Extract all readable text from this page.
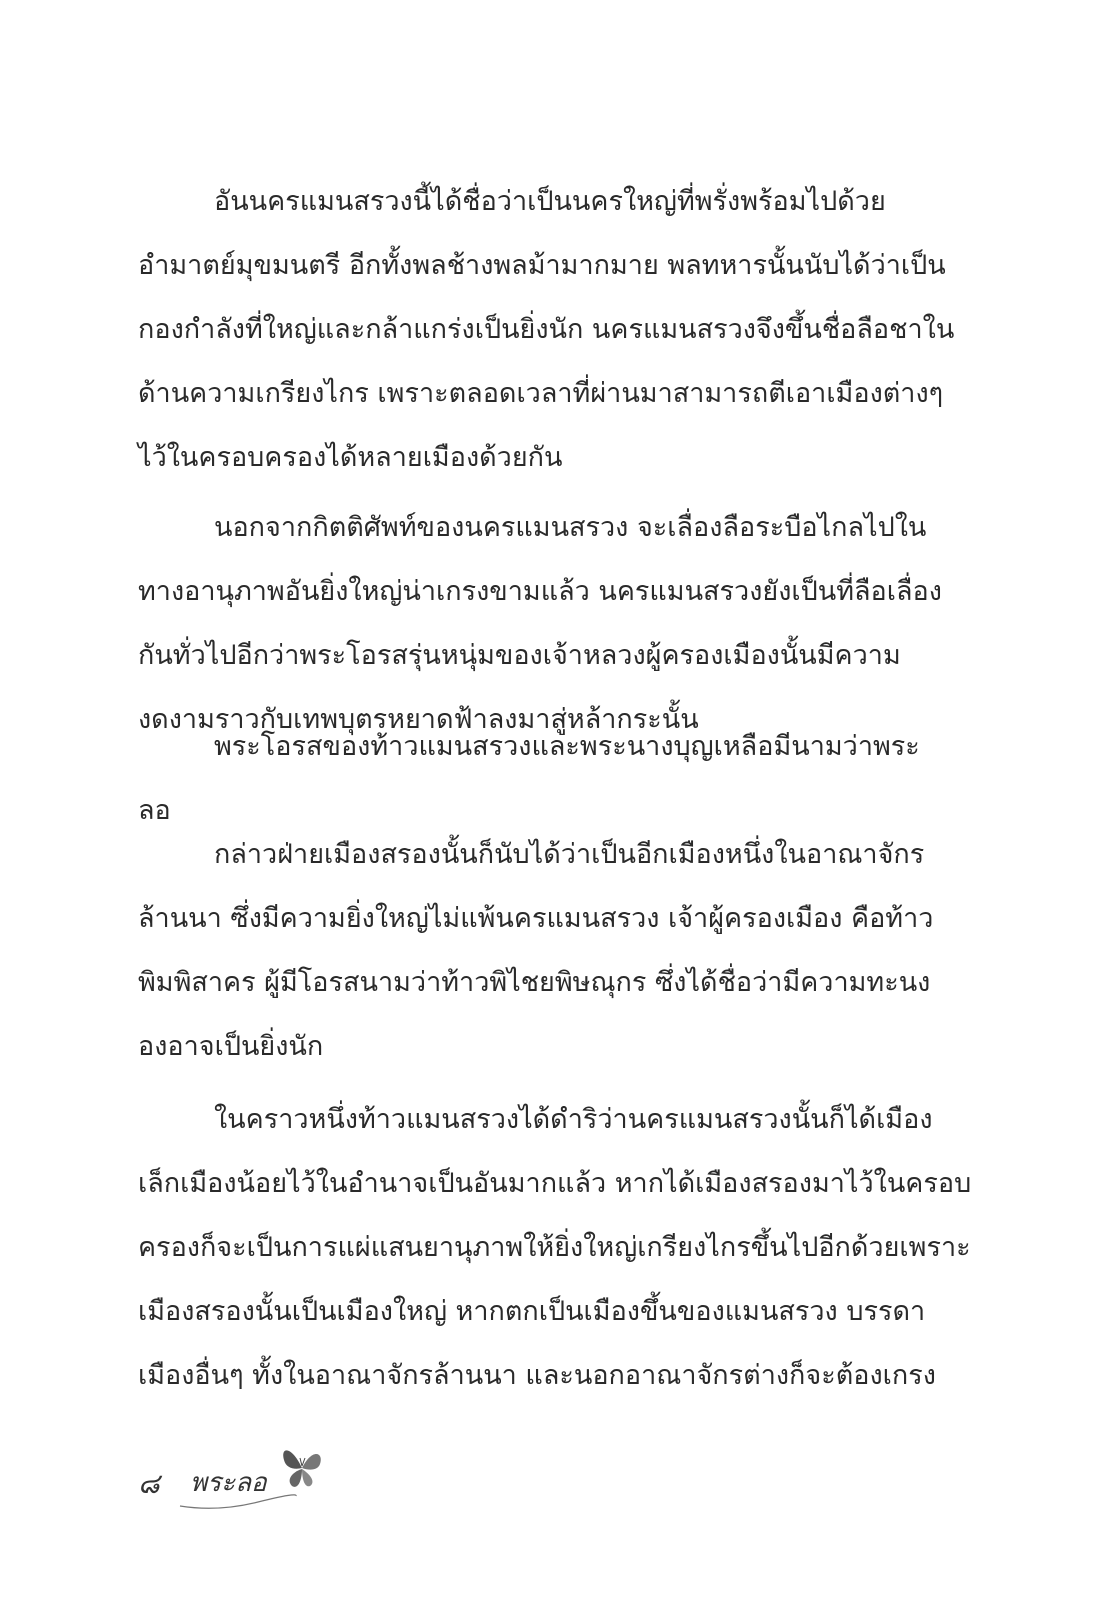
อันนครแมนสรวงนี้ได้ชื่อว่าเป็นนครใหญ่ที่พรั่งพร้อมไปด้วย
อำมาตย์มุขมนตรี อีกทั้งพลช้างพลม้ามากมาย พลทหารนั้นนับได้ว่าเป็น
กองกำลังที่ใหญ่และกล้าแกร่งเป็นยิ่งนัก นครแมนสรวงจึงขึ้นชื่อลือชาใน
ด้านความเกรียงไกร เพราะตลอดเวลาที่ผ่านมาสามารถตีเอาเมืองต่างๆ
ไว้ในครอบครองได้หลายเมืองด้วยกัน
นอกจากกิตติศัพท์ของนครแมนสรวง จะเลื่องลือระบือไกลไปใน
ทางอานุภาพอันยิ่งใหญ่น่าเกรงขามแล้ว นครแมนสรวงยังเป็นที่ลือเลื่อง
กันทั่วไปอีกว่าพระโอรสรุ่นหนุ่มของเจ้าหลวงผู้ครองเมืองนั้นมีความ
งดงามราวกับเทพบุตรหยาดฟ้าลงมาสู่หล้ากระนั้น
พระโอรสของท้าวแมนสรวงและพระนางบุญเหลือมีนามว่าพระ
ลอ
กล่าวฝ่ายเมืองสรองนั้นก็นับได้ว่าเป็นอีกเมืองหนึ่งในอาณาจักร
ล้านนา ซึ่งมีความยิ่งใหญ่ไม่แพ้นครแมนสรวง เจ้าผู้ครองเมือง คือท้าว
พิมพิสาคร ผู้มีโอรสนามว่าท้าวพิไชยพิษณุกร ซึ่งได้ชื่อว่ามีความทะนง
องอาจเป็นยิ่งนัก
ในคราวหนึ่งท้าวแมนสรวงได้ดำริว่านครแมนสรวงนั้นก็ได้เมือง
เล็กเมืองน้อยไว้ในอำนาจเป็นอันมากแล้ว หากได้เมืองสรองมาไว้ในครอบ
ครองก็จะเป็นการแผ่แสนยานุภาพให้ยิ่งใหญ่เกรียงไกรขึ้นไปอีกด้วยเพราะ
เมืองสรองนั้นเป็นเมืองใหญ่ หากตกเป็นเมืองขึ้นของแมนสรวง บรรดา
เมืองอื่นๆ ทั้งในอาณาจักรล้านนา และนอกอาณาจักรต่างก็จะต้องเกรง
๘ พระลอ
